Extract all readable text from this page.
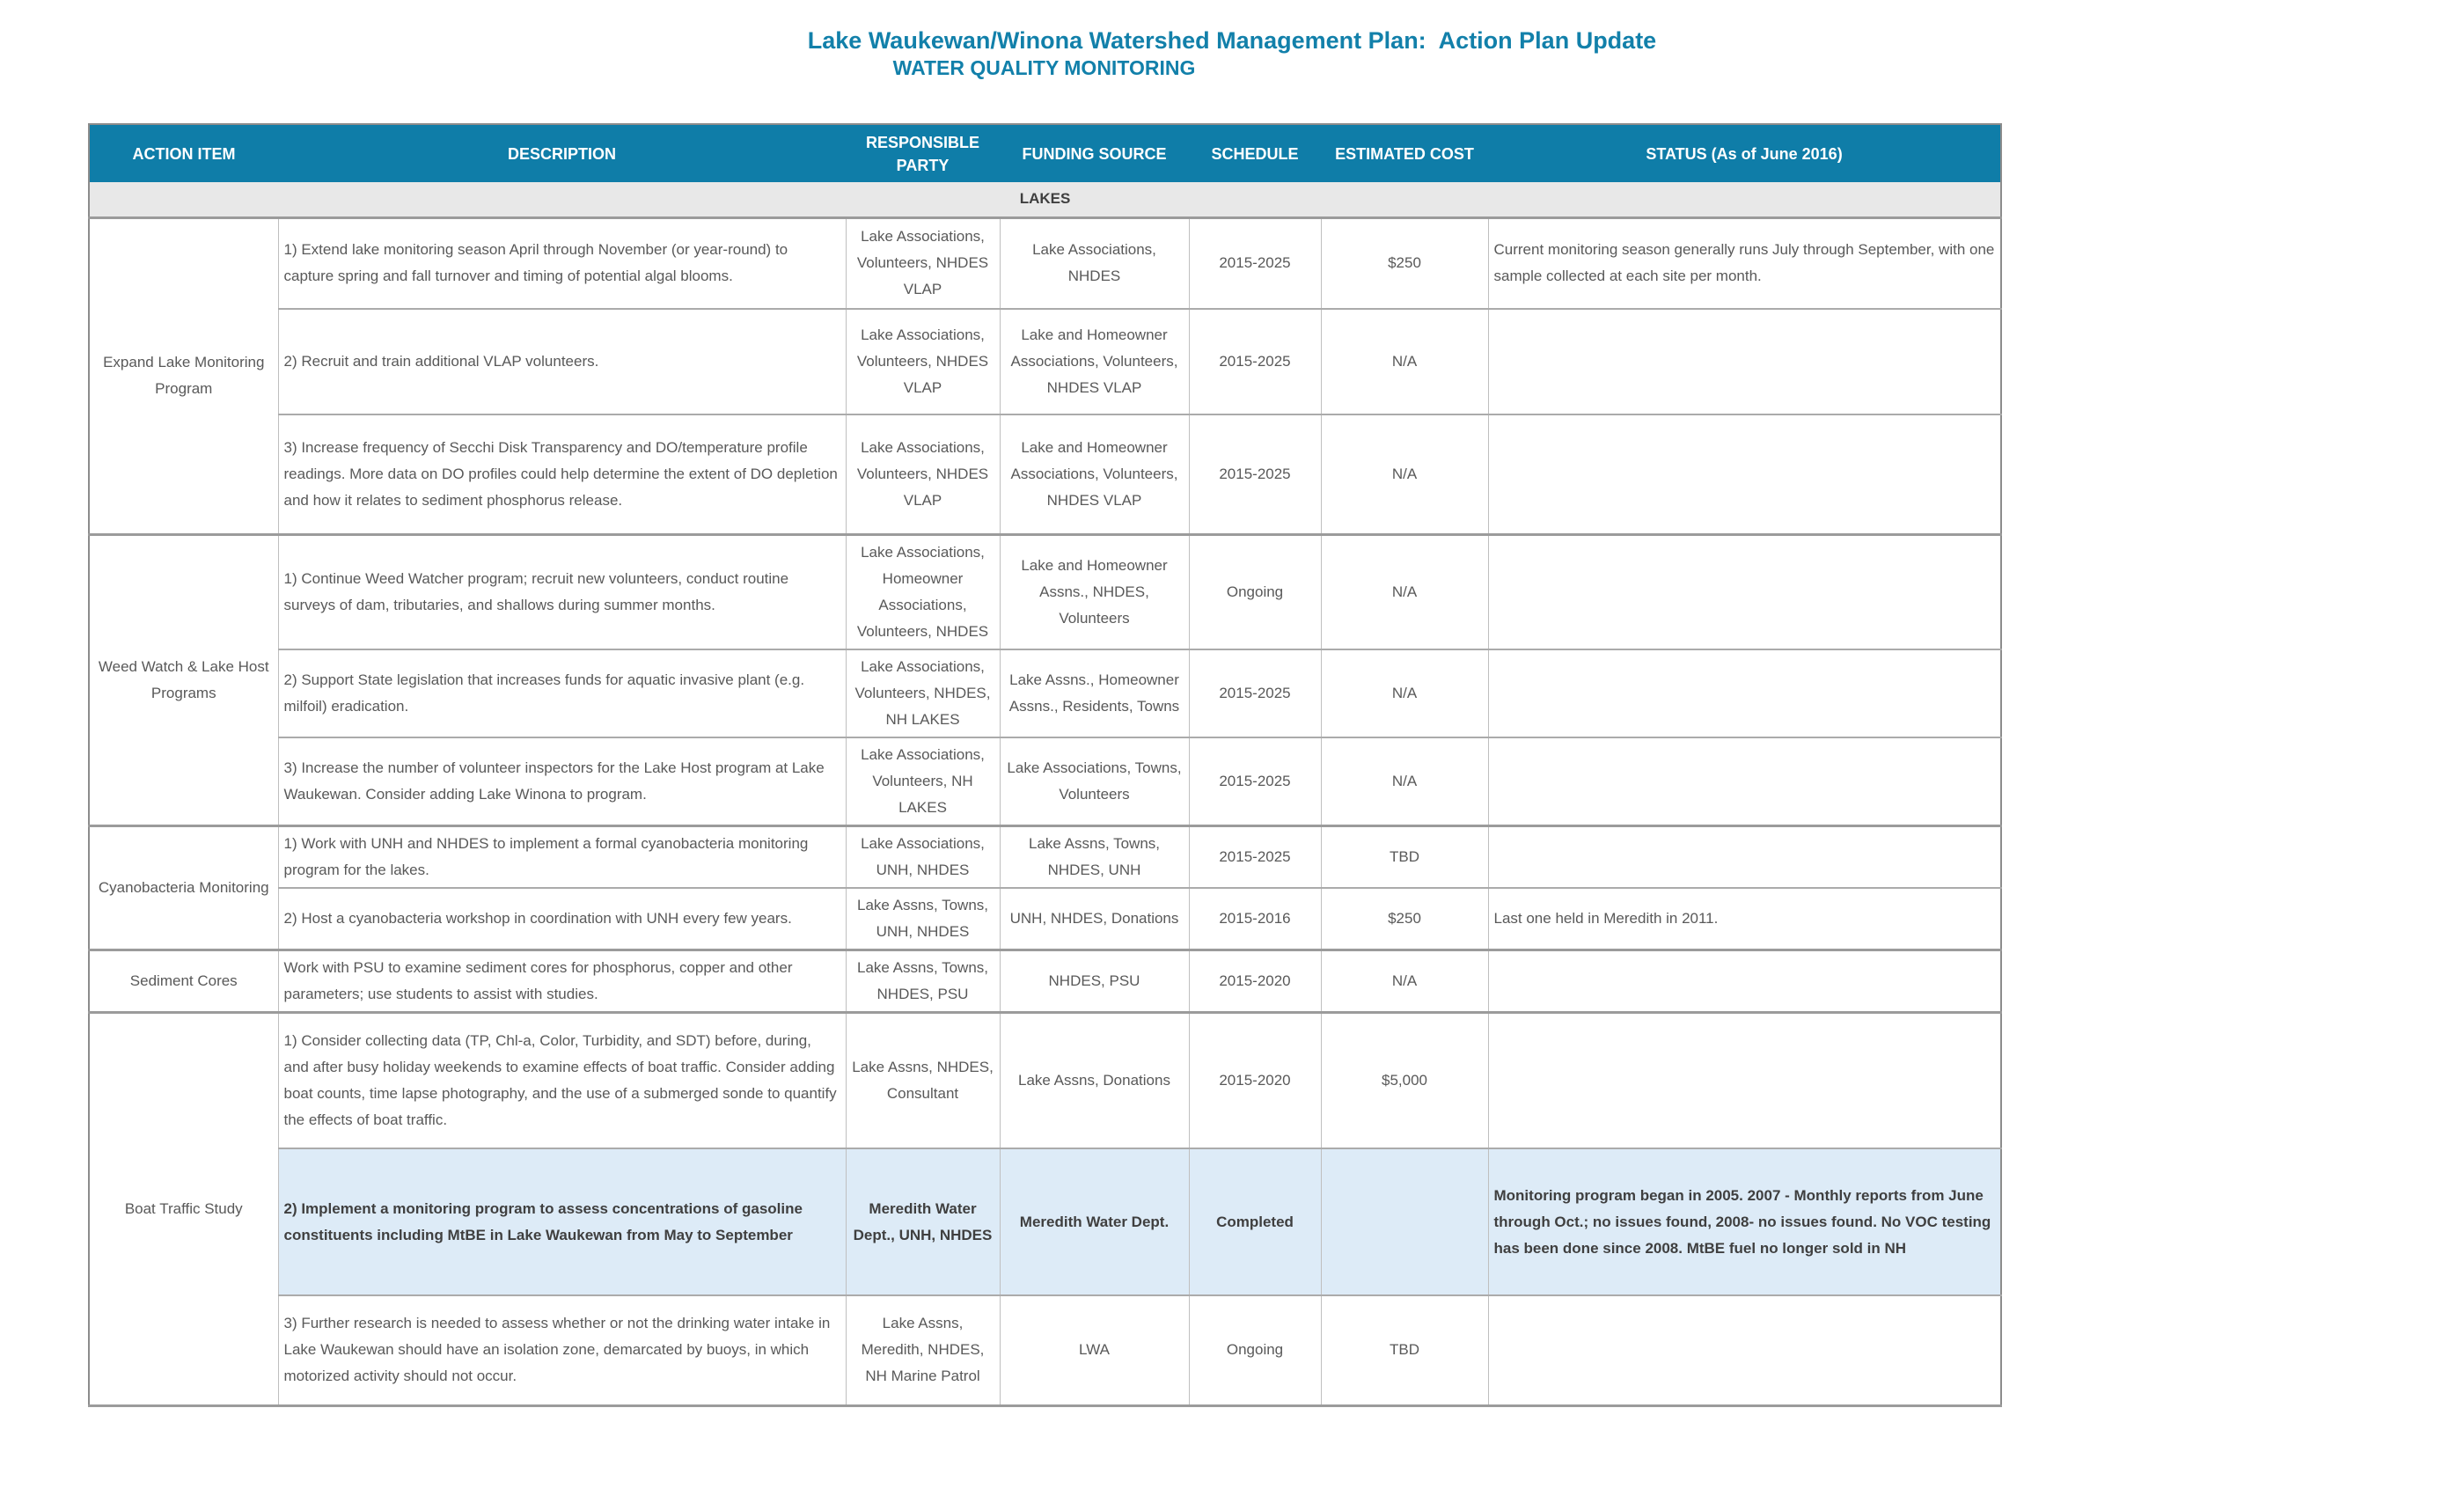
Lake Waukewan/Winona Watershed Management Plan:  Action Plan Update
WATER QUALITY MONITORING
ACTION ITEM	DESCRIPTION	RESPONSIBLE PARTY	FUNDING SOURCE	SCHEDULE	ESTIMATED COST	STATUS (As of June 2016)
LAKES						
Expand Lake Monitoring Program	1) Extend lake monitoring season April through November (or year-round) to capture spring and fall turnover and timing of potential algal blooms.	Lake Associations, Volunteers, NHDES VLAP	Lake Associations, NHDES	2015-2025	$250	Current monitoring season generally runs July through September, with one sample collected at each site per month.
	2) Recruit and train additional VLAP volunteers.	Lake Associations, Volunteers, NHDES VLAP	Lake and Homeowner Associations, Volunteers, NHDES VLAP	2015-2025	N/A	
	3) Increase frequency of Secchi Disk Transparency and DO/temperature profile readings. More data on DO profiles could help determine the extent of DO depletion and how it relates to sediment phosphorus release.	Lake Associations, Volunteers, NHDES VLAP	Lake and Homeowner Associations, Volunteers, NHDES VLAP	2015-2025	N/A	
Weed Watch & Lake Host Programs	1) Continue Weed Watcher program; recruit new volunteers, conduct routine surveys of dam, tributaries, and shallows during summer months.	Lake Associations, Homeowner Associations, Volunteers, NHDES	Lake and Homeowner Assns., NHDES, Volunteers	Ongoing	N/A	
	2) Support State legislation that increases funds for aquatic invasive plant (e.g. milfoil) eradication.	Lake Associations, Volunteers, NHDES, NH LAKES	Lake Assns., Homeowner Assns., Residents, Towns	2015-2025	N/A	
	3) Increase the number of volunteer inspectors for the Lake Host program at Lake Waukewan. Consider adding Lake Winona to program.	Lake Associations, Volunteers, NH LAKES	Lake Associations, Towns, Volunteers	2015-2025	N/A	
Cyanobacteria Monitoring	1) Work with UNH and NHDES to implement a formal cyanobacteria monitoring program for the lakes.	Lake Associations, UNH, NHDES	Lake Assns, Towns, NHDES, UNH	2015-2025	TBD	
	2) Host a cyanobacteria workshop in coordination with UNH every few years.	Lake Assns, Towns, UNH, NHDES	UNH, NHDES, Donations	2015-2016	$250	Last one held in Meredith in 2011.
Sediment Cores	Work with PSU to examine sediment cores for phosphorus, copper and other parameters; use students to assist with studies.	Lake Assns, Towns, NHDES, PSU	NHDES, PSU	2015-2020	N/A	
Boat Traffic Study	1) Consider collecting data (TP, Chl-a, Color, Turbidity, and SDT) before, during, and after busy holiday weekends to examine effects of boat traffic. Consider adding boat counts, time lapse photography, and the use of a submerged sonde to quantify the effects of boat traffic.	Lake Assns, NHDES, Consultant	Lake Assns, Donations	2015-2020	$5,000	
	2) Implement a monitoring program to assess concentrations of gasoline constituents including MtBE in Lake Waukewan from May to September	Meredith Water Dept., UNH, NHDES	Meredith Water Dept.	Completed		Monitoring program began in 2005. 2007 - Monthly reports from June through Oct.; no issues found, 2008- no issues found. No VOC testing has been done since 2008. MtBE fuel no longer sold in NH
	3) Further research is needed to assess whether or not the drinking water intake in Lake Waukewan should have an isolation zone, demarcated by buoys, in which motorized activity should not occur.	Lake Assns, Meredith, NHDES, NH Marine Patrol	LWA	Ongoing	TBD	
